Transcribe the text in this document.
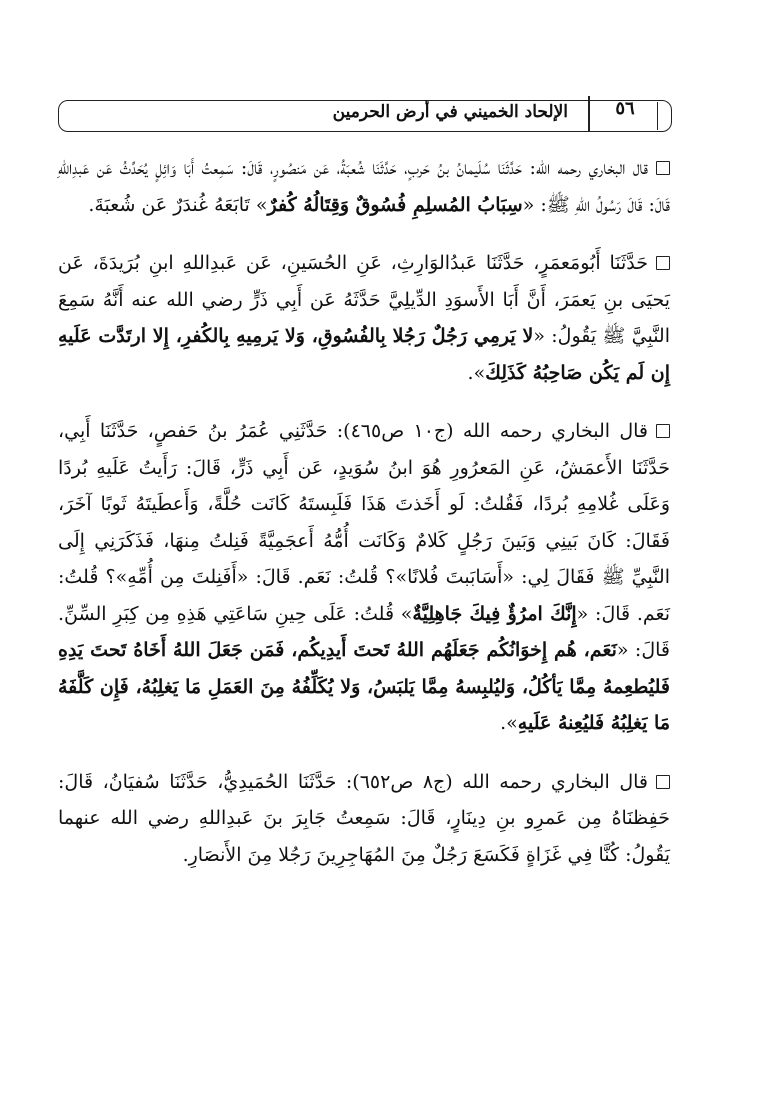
الإلحاد الخميني في أرض الحرمين	٥٦

قال البخاري رحمه الله: حَدَّثَنَا سُلَيمانُ بنُ حَربٍ، حَدَّثَنَا شُعبَةُ، عَن مَنصُورٍ، قَالَ: سَمِعتُ أَبَا وَائِلٍ يُحَدِّثُ عَن عَبدِاللهِ قَالَ: قَالَ رَسُولُ اللهِ ﷺ: «سِبَابُ المُسلِمِ فُسُوقٌ وَقِتَالُهُ كُفرٌ» تَابَعَهُ غُندَرٌ عَن شُعبَةَ.

حَدَّثَنَا أَبُومَعمَرٍ، حَدَّثَنَا عَبدُالوَارِثِ، عَنِ الحُسَينِ، عَن عَبدِاللهِ ابنِ بُرَيدَةَ، عَن يَحيَى بنِ يَعمَرَ، أَنَّ أَبَا الأَسوَدِ الدِّيلِيَّ حَدَّثَهُ عَن أَبِي ذَرٍّ رضي الله عنه أَنَّهُ سَمِعَ النَّبِيَّ ﷺ يَقُولُ: «لا يَرمِي رَجُلٌ رَجُلا بِالفُسُوقِ، وَلا يَرمِيهِ بِالكُفرِ، إِلا ارتَدَّت عَلَيهِ إِن لَم يَكُن صَاحِبُهُ كَذَلِكَ».

قال البخاري رحمه الله (ج١٠ ص٤٦٥): حَدَّثَنِي عُمَرُ بنُ حَفصٍ، حَدَّثَنَا أَبِي، حَدَّثَنَا الأَعمَشُ، عَنِ المَعرُورِ هُوَ ابنُ سُوَيدٍ، عَن أَبِي ذَرٍّ، قَالَ: رَأَيتُ عَلَيهِ بُردًا وَعَلَى غُلامِهِ بُردًا، فَقُلتُ: لَو أَخَذتَ هَذَا فَلَبِستَهُ كَانَت حُلَّةً، وَأَعطَيتَهُ ثَوبًا آخَرَ، فَقَالَ: كَانَ بَينِي وَبَينَ رَجُلٍ كَلامٌ وَكَانَت أُمُّهُ أَعجَمِيَّةً فَنِلتُ مِنهَا، فَذَكَرَنِي إِلَى النَّبِيِّ ﷺ فَقَالَ لِي: «أَسَابَبتَ فُلانًا»؟ قُلتُ: نَعَم. قَالَ: «أَفَنِلتَ مِن أُمِّهِ»؟ قُلتُ: نَعَم. قَالَ: «إِنَّكَ امرُؤٌ فِيكَ جَاهِلِيَّةٌ» قُلتُ: عَلَى حِينِ سَاعَتِي هَذِهِ مِن كِبَرِ السِّنِّ. قَالَ: «نَعَم، هُم إِخوَانُكُم جَعَلَهُم اللهُ تَحتَ أَيدِيكُم، فَمَن جَعَلَ اللهُ أَخَاهُ تَحتَ يَدِهِ فَليُطعِمهُ مِمَّا يَأكُلُ، وَليُلبِسهُ مِمَّا يَلبَسُ، وَلا يُكَلِّفُهُ مِنَ العَمَلِ مَا يَغلِبُهُ، فَإِن كَلَّفَهُ مَا يَغلِبُهُ فَليُعِنهُ عَلَيهِ».

قال البخاري رحمه الله (ج٨ ص٦٥٢): حَدَّثَنَا الحُمَيدِيُّ، حَدَّثَنَا سُفيَانُ، قَالَ: حَفِظنَاهُ مِن عَمرِو بنِ دِينَارٍ، قَالَ: سَمِعتُ جَابِرَ بنَ عَبدِاللهِ رضي الله عنهما يَقُولُ: كُنَّا فِي غَزَاةٍ فَكَسَعَ رَجُلٌ مِنَ المُهَاجِرِينَ رَجُلا مِنَ الأَنصَارِ.
